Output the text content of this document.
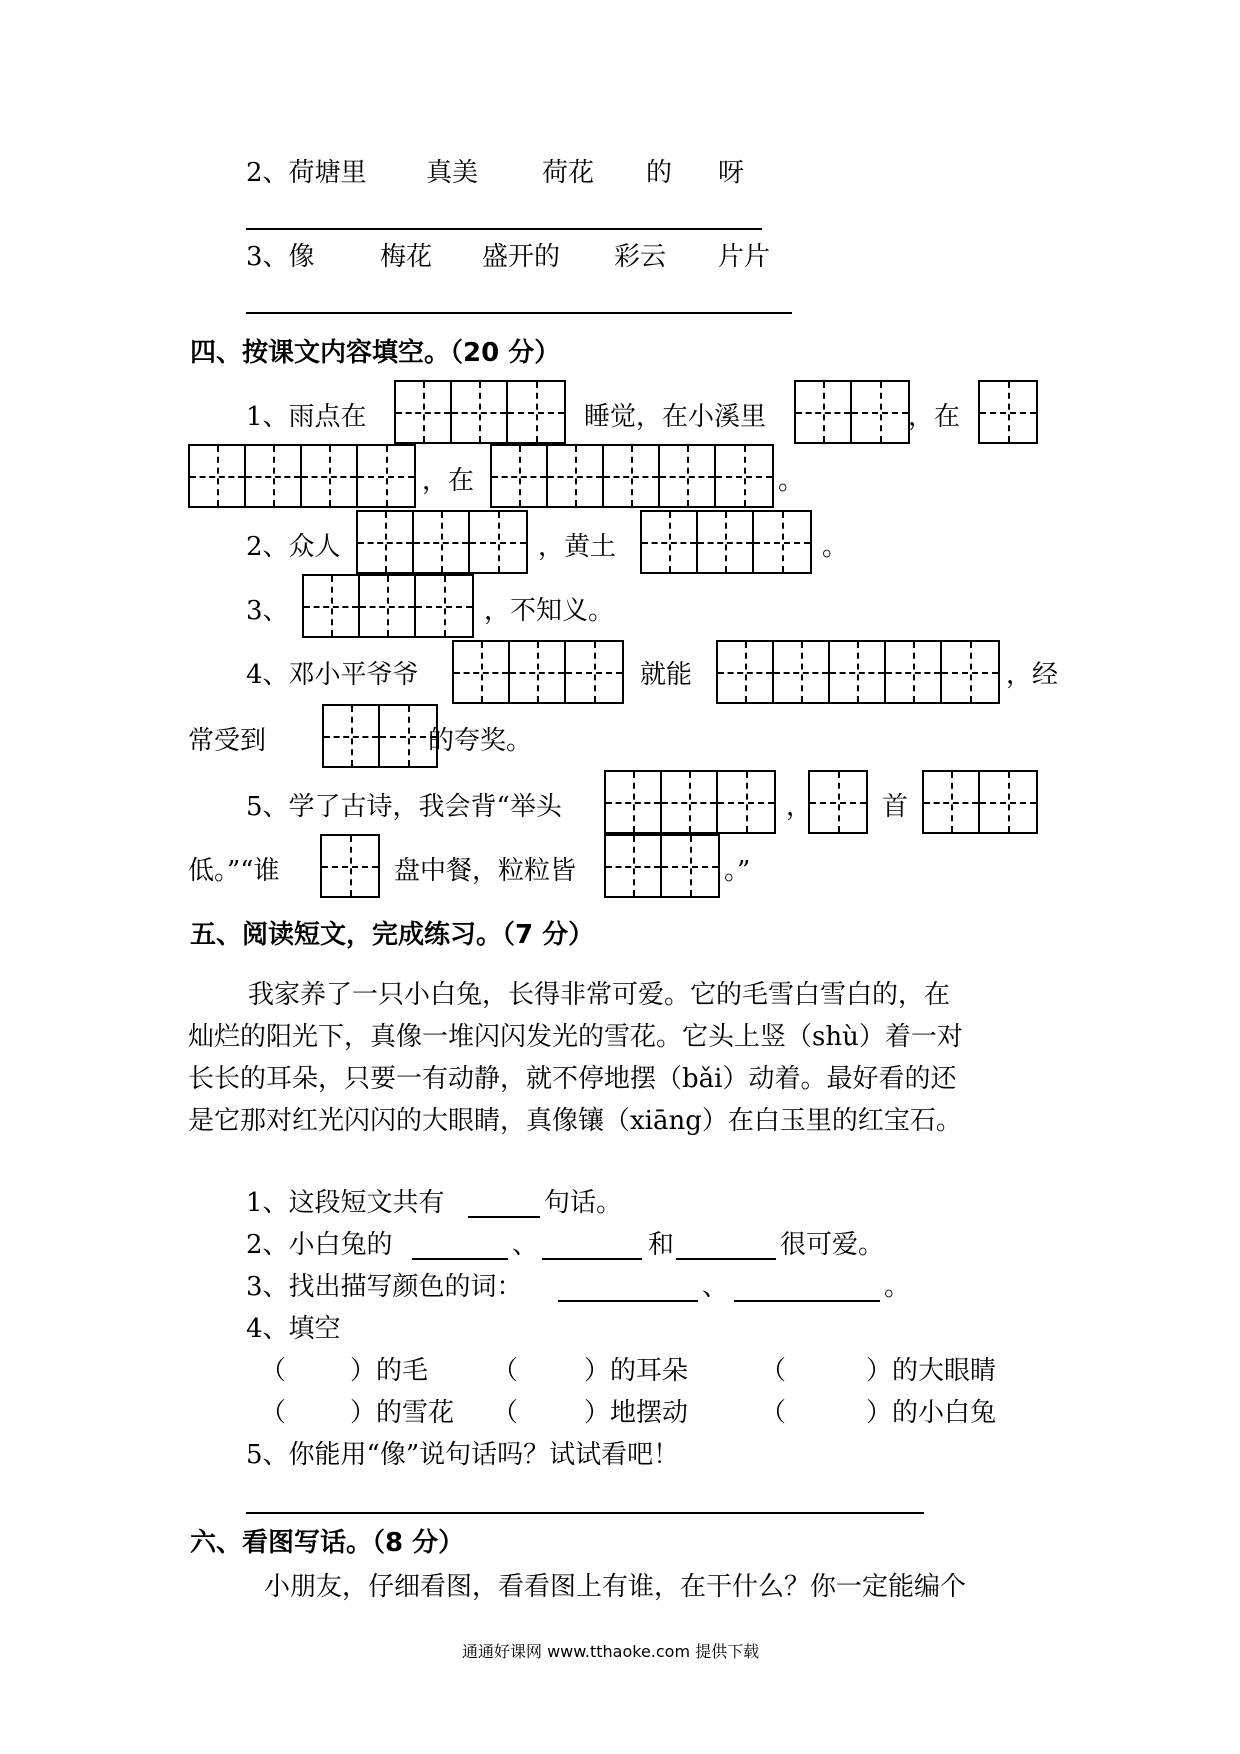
2、荷塘里 真美 荷花 的 呀
3、像	梅花 盛开的 彩云 片片
四、按课文内容填空。（20 分）
1、雨点在	睡觉，在小溪里	，在
，在	。
2、众人	，黄土	。
3、	，不知义。
4、邓小平爷爷	就能	，经
常受到	的夸奖。
5、学了古诗，我会背“举头	，	首
低。”“谁	盘中餐，粒粒皆	。”
五、阅读短文，完成练习。（7 分）
我家养了一只小白兔，长得非常可爱。它的毛雪白雪白的，在
灿烂的阳光下，真像一堆闪闪发光的雪花。它头上竖（shù）着一对
长长的耳朵，只要一有动静，就不停地摆（bǎi）动着。最好看的还
是它那对红光闪闪的大眼睛，真像镶（xiāng）在白玉里的红宝石。
1、这段短文共有	句话。
2、小白兔的	、	和	很可爱。
3、找出描写颜色的词：	、	。
4、填空
（ ）的毛 （	）的耳朵	（	）的大眼睛
（ ）的雪花 （	）地摆动	（	）的小白兔
5、你能用“像”说句话吗？试试看吧！
六、看图写话。（8 分）
小朋友，仔细看图，看看图上有谁，在干什么？你一定能编个
通通好课网 www.tthaoke.com 提供下载
